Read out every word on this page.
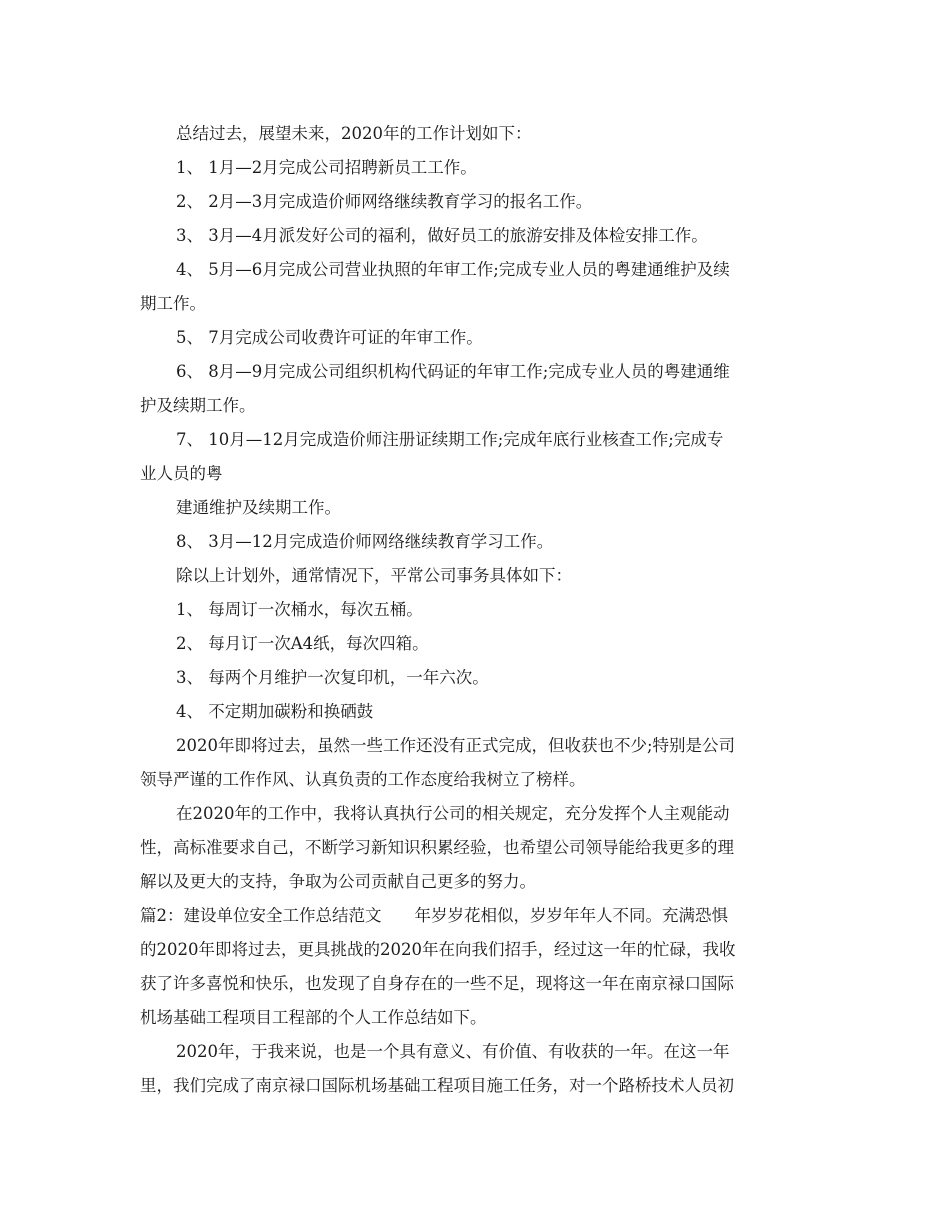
总结过去，展望未来，2020年的工作计划如下：
1、 1月—2月完成公司招聘新员工工作。
2、 2月—3月完成造价师网络继续教育学习的报名工作。
3、 3月—4月派发好公司的福利，做好员工的旅游安排及体检安排工作。
4、 5月—6月完成公司营业执照的年审工作;完成专业人员的粤建通维护及续
期工作。
5、 7月完成公司收费许可证的年审工作。
6、 8月—9月完成公司组织机构代码证的年审工作;完成专业人员的粤建通维
护及续期工作。
7、 10月—12月完成造价师注册证续期工作;完成年底行业核查工作;完成专
业人员的粤
建通维护及续期工作。
8、 3月—12月完成造价师网络继续教育学习工作。
除以上计划外，通常情况下，平常公司事务具体如下：
1、 每周订一次桶水，每次五桶。
2、 每月订一次A4纸，每次四箱。
3、 每两个月维护一次复印机，一年六次。
4、 不定期加碳粉和换硒鼓
2020年即将过去，虽然一些工作还没有正式完成，但收获也不少;特别是公司
领导严谨的工作作风、认真负责的工作态度给我树立了榜样。
在2020年的工作中，我将认真执行公司的相关规定，充分发挥个人主观能动
性，高标准要求自己，不断学习新知识积累经验，也希望公司领导能给我更多的理
解以及更大的支持，争取为公司贡献自己更多的努力。
篇2：建设单位安全工作总结范文　　年岁岁花相似，岁岁年年人不同。充满恐惧
的2020年即将过去，更具挑战的2020年在向我们招手，经过这一年的忙碌，我收
获了许多喜悦和快乐，也发现了自身存在的一些不足，现将这一年在南京禄口国际
机场基础工程项目工程部的个人工作总结如下。
2020年，于我来说，也是一个具有意义、有价值、有收获的一年。在这一年
里，我们完成了南京禄口国际机场基础工程项目施工任务，对一个路桥技术人员初
